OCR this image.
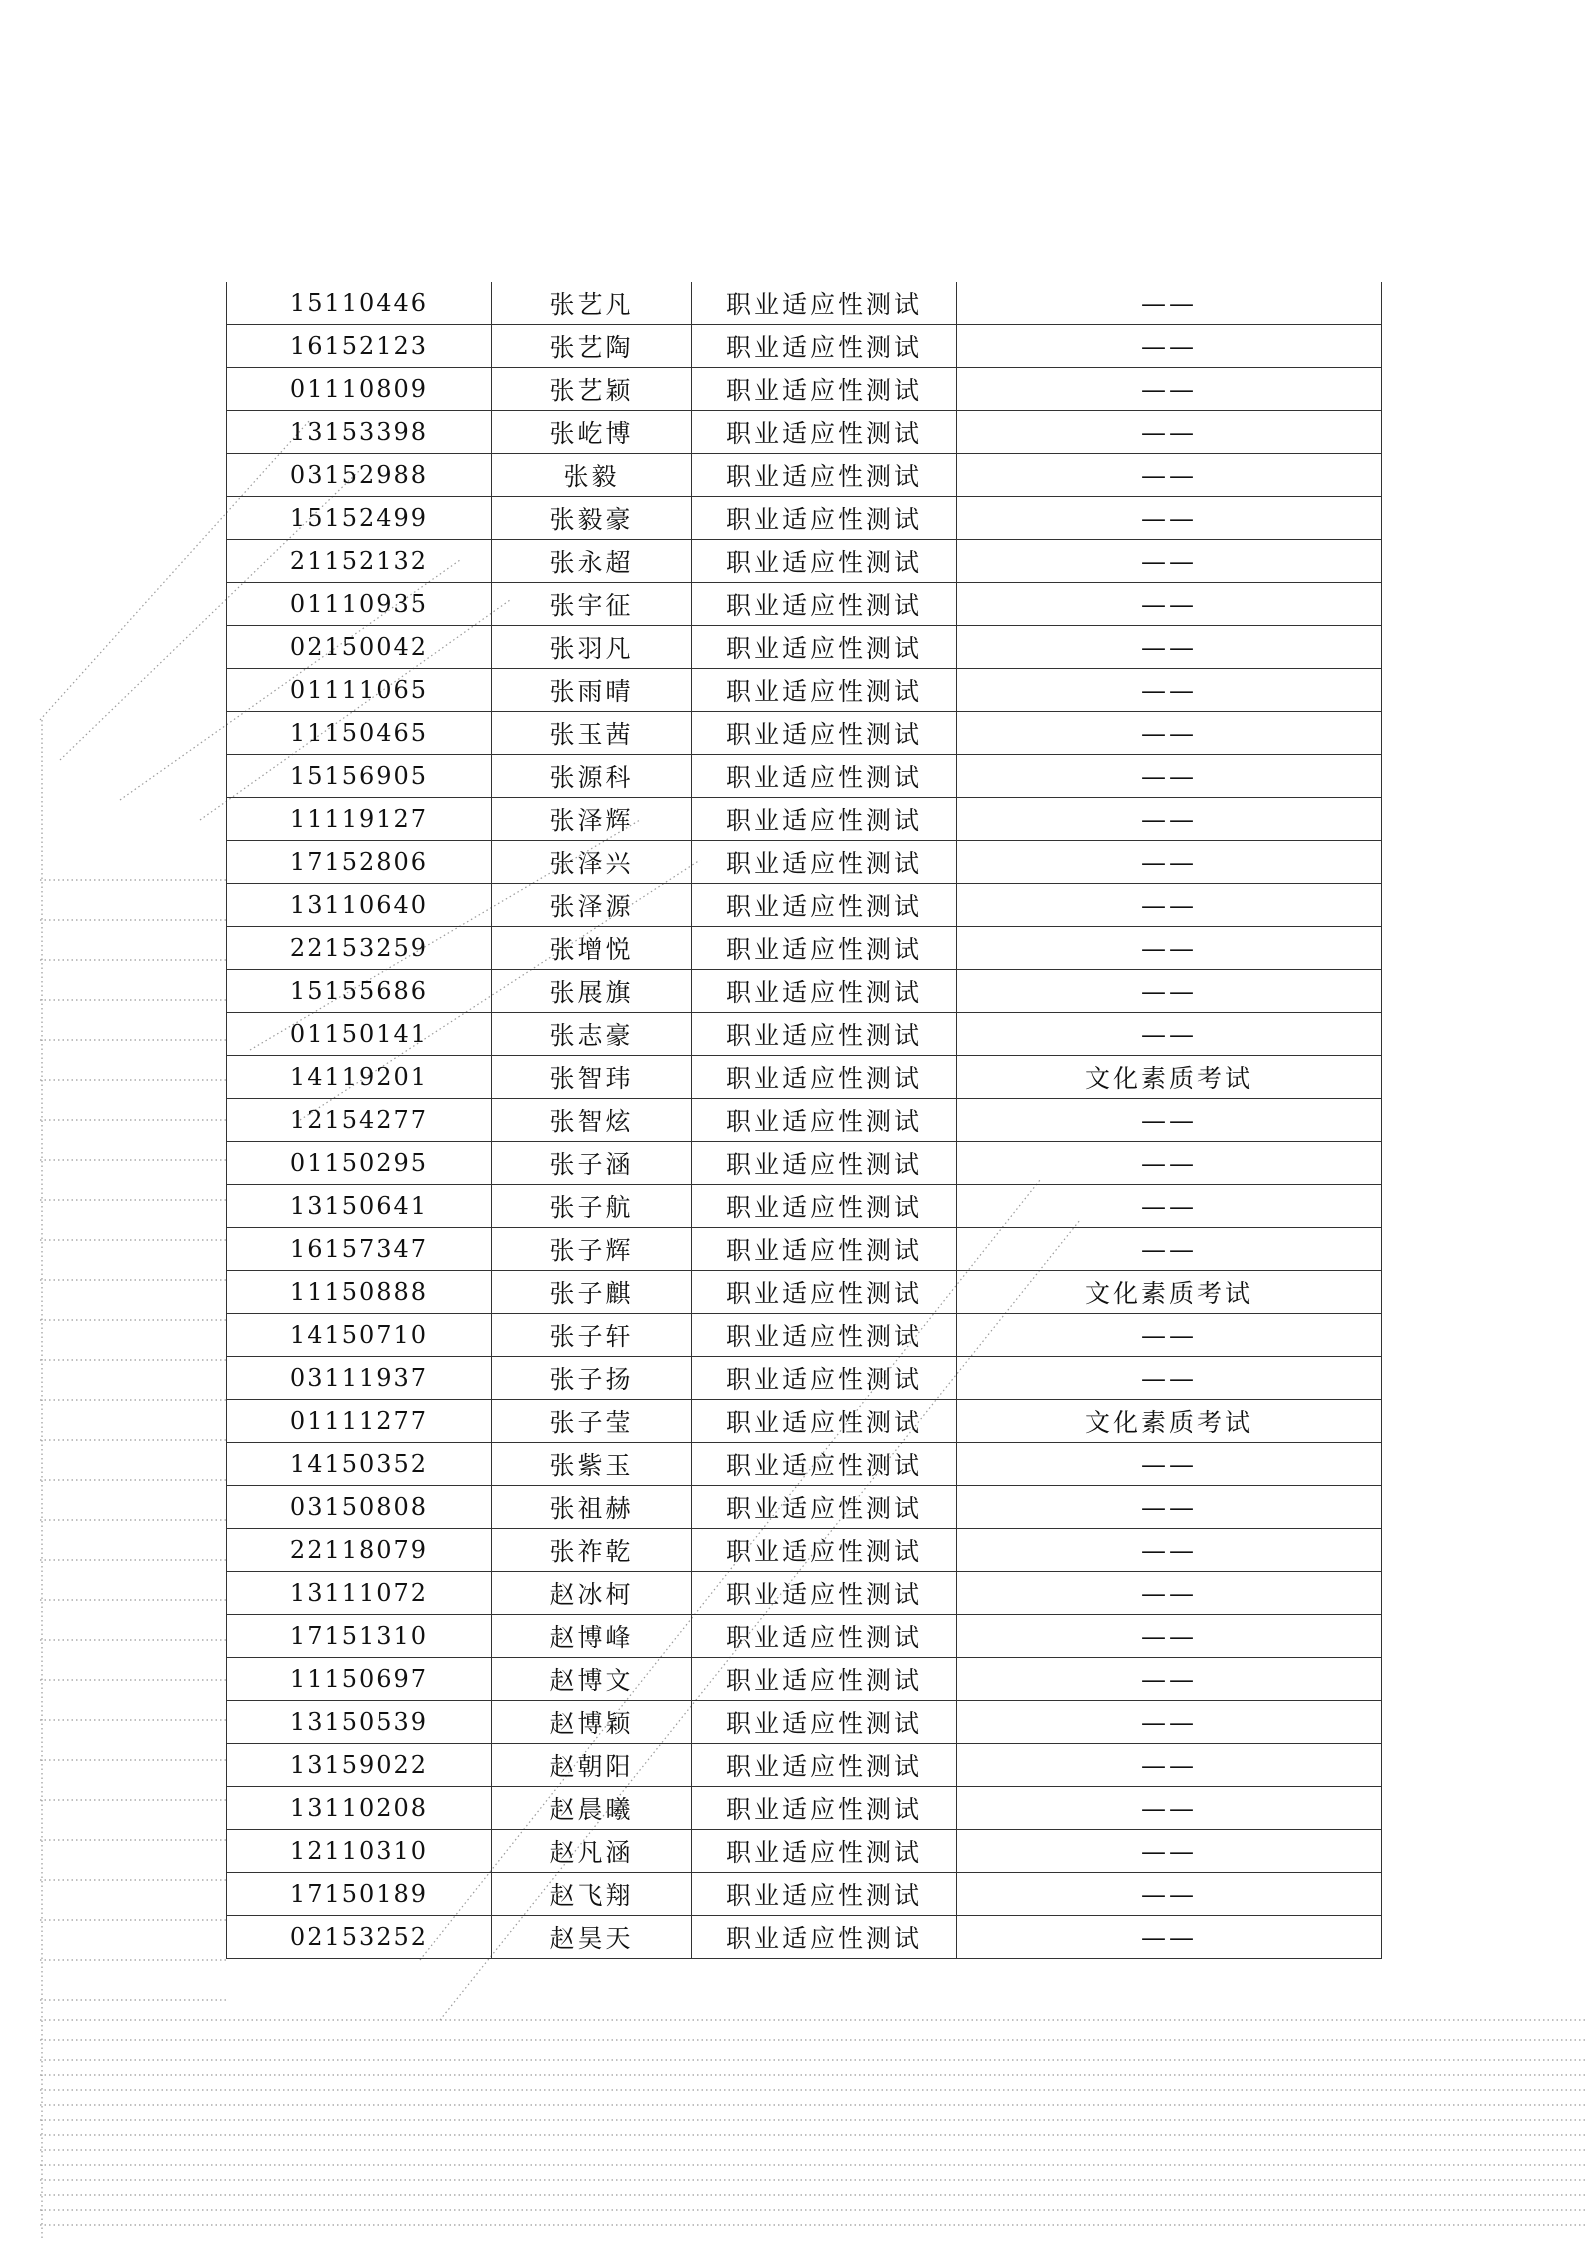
15110446	张艺凡	职业适应性测试	——
16152123	张艺陶	职业适应性测试	——
01110809	张艺颖	职业适应性测试	——
13153398	张屹博	职业适应性测试	——
03152988	张毅	职业适应性测试	——
15152499	张毅豪	职业适应性测试	——
21152132	张永超	职业适应性测试	——
01110935	张宇征	职业适应性测试	——
02150042	张羽凡	职业适应性测试	——
01111065	张雨晴	职业适应性测试	——
11150465	张玉茜	职业适应性测试	——
15156905	张源科	职业适应性测试	——
11119127	张泽辉	职业适应性测试	——
17152806	张泽兴	职业适应性测试	——
13110640	张泽源	职业适应性测试	——
22153259	张增悦	职业适应性测试	——
15155686	张展旗	职业适应性测试	——
01150141	张志豪	职业适应性测试	——
14119201	张智玮	职业适应性测试	文化素质考试
12154277	张智炫	职业适应性测试	——
01150295	张子涵	职业适应性测试	——
13150641	张子航	职业适应性测试	——
16157347	张子辉	职业适应性测试	——
11150888	张子麒	职业适应性测试	文化素质考试
14150710	张子轩	职业适应性测试	——
03111937	张子扬	职业适应性测试	——
01111277	张子莹	职业适应性测试	文化素质考试
14150352	张紫玉	职业适应性测试	——
03150808	张祖赫	职业适应性测试	——
22118079	张祚乾	职业适应性测试	——
13111072	赵冰柯	职业适应性测试	——
17151310	赵博峰	职业适应性测试	——
11150697	赵博文	职业适应性测试	——
13150539	赵博颖	职业适应性测试	——
13159022	赵朝阳	职业适应性测试	——
13110208	赵晨曦	职业适应性测试	——
12110310	赵凡涵	职业适应性测试	——
17150189	赵飞翔	职业适应性测试	——
02153252	赵昊天	职业适应性测试	——
